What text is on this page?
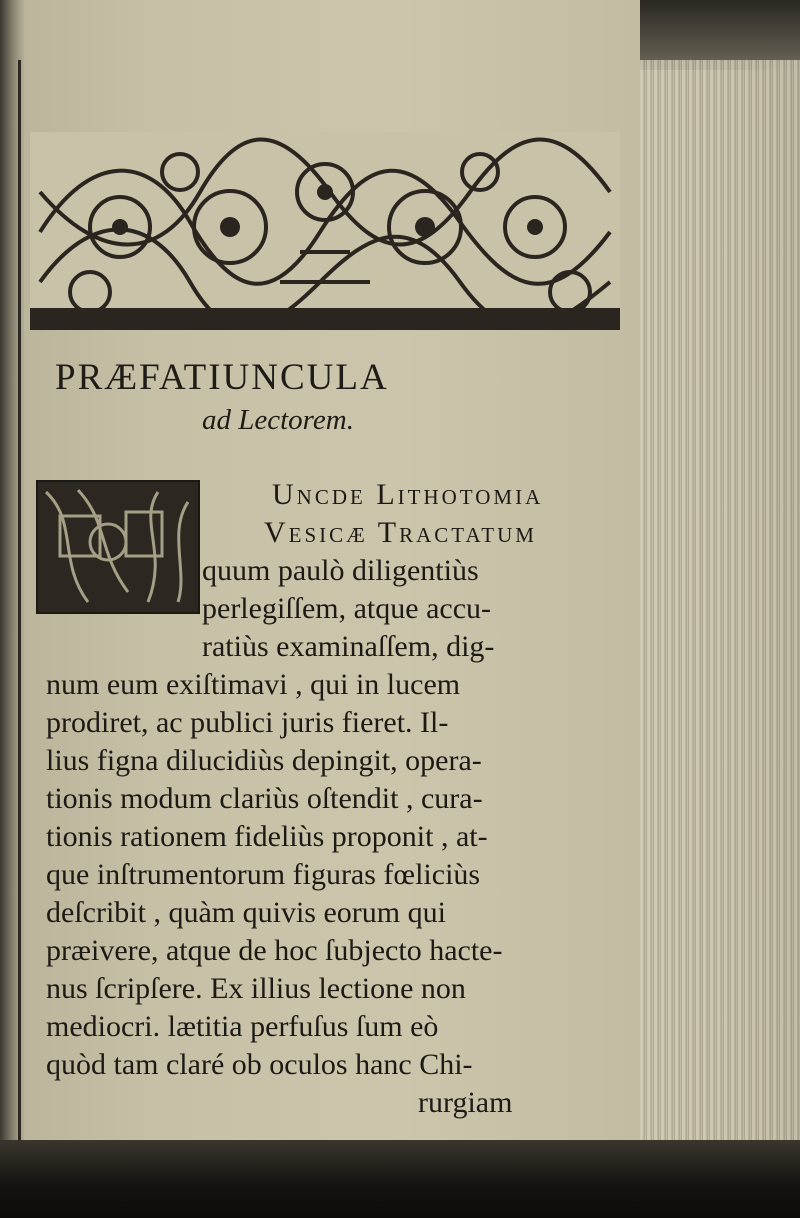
PRÆFATIUNCULA
ad Lectorem.
Uncde Lithotomia
Vesicæ Tractatum
quum paulò diligentiùs
perlegiſſem, atque accu-
ratiùs examinaſſem, dig-
num eum exiſtimavi , qui in lucem
prodiret, ac publici juris fieret. Il-
lius figna dilucidiùs depingit, opera-
tionis modum clariùs oſtendit , cura-
tionis rationem fideliùs proponit , at-
que inſtrumentorum figuras fœliciùs
deſcribit , quàm quivis eorum qui
præivere, atque de hoc ſubjecto hacte-
nus ſcripſere. Ex illius lectione non
mediocri. lætitia perfuſus ſum eò
quòd tam claré ob oculos hanc Chi-
rurgiam
